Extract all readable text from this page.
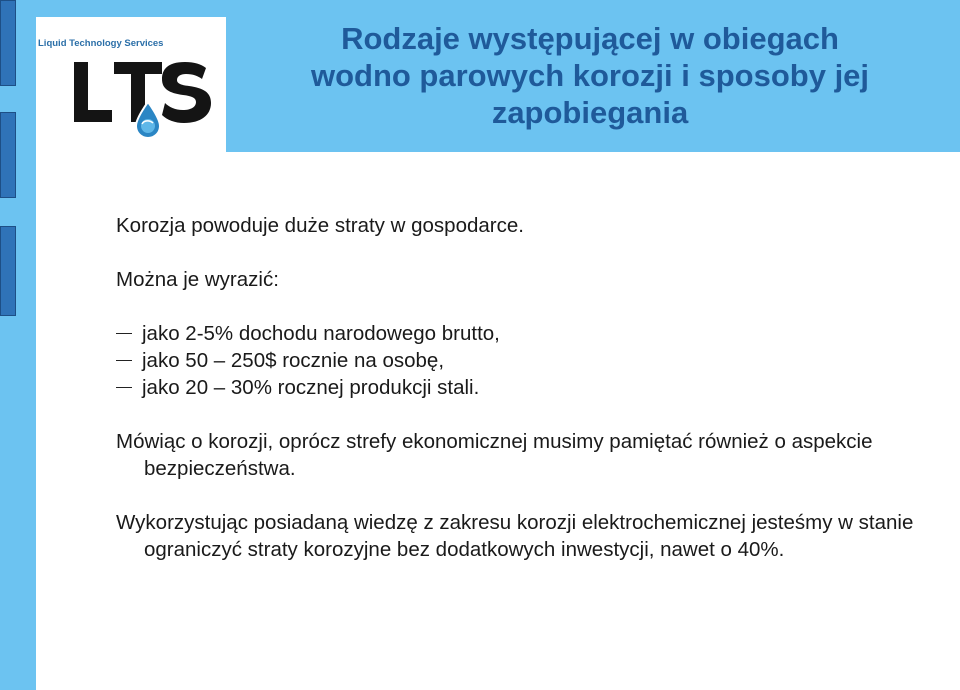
Liquid Technology Services	Rodzaje występującej w obiegach
wodno parowych korozji i sposoby jej
zapobiegania

Korozja powoduje duże straty w gospodarce.

Można je wyrazić:

jako 2-5% dochodu narodowego brutto,
jako 50 – 250$ rocznie na osobę,
jako 20 – 30% rocznej produkcji stali.

Mówiąc o korozji, oprócz strefy ekonomicznej musimy pamiętać również o aspekcie bezpieczeństwa.

Wykorzystując posiadaną wiedzę z zakresu korozji elektrochemicznej jesteśmy w stanie ograniczyć straty korozyjne bez dodatkowych inwestycji, nawet o 40%.
